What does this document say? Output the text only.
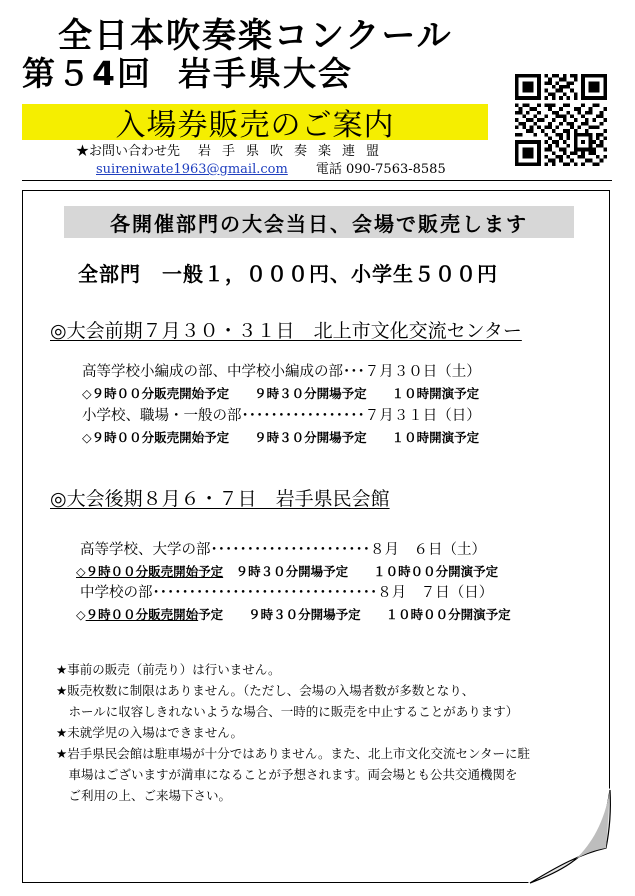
全日本吹奏楽コンクール
第５4回 岩手県大会
入場券販売のご案内
★お問い合わせ先 岩手県吹奏楽連盟
suireniwate1963@gmail.com 電話 090-7563-8585
各開催部門の大会当日、会場で販売します
全部門　一般１，０００円、小学生５００円
◎大会前期７月３０・３１日　北上市文化交流センター
高等学校小編成の部、中学校小編成の部･･･７月３０日（土）
◇９時００分販売開始予定　　９時３０分開場予定　　１０時開演予定
小学校、職場・一般の部･････････････････７月３１日（日）
◇９時００分販売開始予定　　９時３０分開場予定　　１０時開演予定
◎大会後期８月６・７日　岩手県民会館
高等学校、大学の部･･････････････････････８月　６日（土）
◇９時００分販売開始予定　９時３０分開場予定　　１０時００分開演予定
中学校の部･･･････････････････････････････８月　７日（日）
◇９時００分販売開始予定　　９時３０分開場予定　　１０時００分開演予定
★事前の販売（前売り）は行いません。
★販売枚数に制限はありません。（ただし、会場の入場者数が多数となり、
　ホールに収容しきれないような場合、一時的に販売を中止することがあります）
★未就学児の入場はできません。
★岩手県民会館は駐車場が十分ではありません。また、北上市文化交流センターに駐
　車場はございますが満車になることが予想されます。両会場とも公共交通機関を
　ご利用の上、ご来場下さい。
